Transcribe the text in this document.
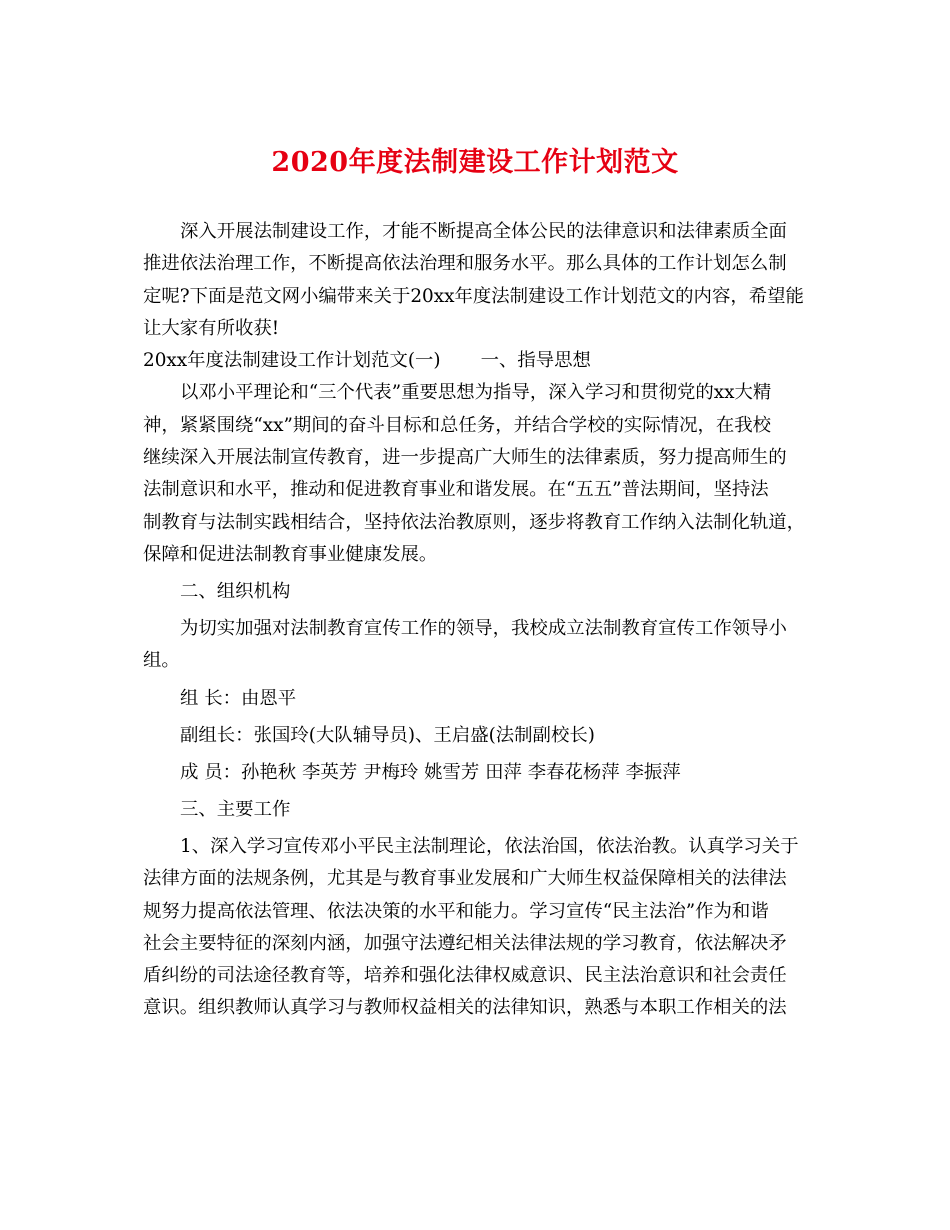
2020年度法制建设工作计划范文
深入开展法制建设工作，才能不断提高全体公民的法律意识和法律素质全面
推进依法治理工作，不断提高依法治理和服务水平。那么具体的工作计划怎么制
定呢?下面是范文网小编带来关于20xx年度法制建设工作计划范文的内容，希望能
让大家有所收获!
20xx年度法制建设工作计划范文(一) 一、指导思想
以邓小平理论和“三个代表”重要思想为指导，深入学习和贯彻党的xx大精
神，紧紧围绕“xx”期间的奋斗目标和总任务，并结合学校的实际情况，在我校
继续深入开展法制宣传教育，进一步提高广大师生的法律素质，努力提高师生的
法制意识和水平，推动和促进教育事业和谐发展。在“五五”普法期间，坚持法
制教育与法制实践相结合，坚持依法治教原则，逐步将教育工作纳入法制化轨道，
保障和促进法制教育事业健康发展。
二、组织机构
为切实加强对法制教育宣传工作的领导，我校成立法制教育宣传工作领导小
组。
组 长：由恩平
副组长：张国玲(大队辅导员)、王启盛(法制副校长)
成 员：孙艳秋 李英芳 尹梅玲 姚雪芳 田萍 李春花杨萍 李振萍
三、主要工作
1、深入学习宣传邓小平民主法制理论，依法治国，依法治教。认真学习关于
法律方面的法规条例，尤其是与教育事业发展和广大师生权益保障相关的法律法
规努力提高依法管理、依法决策的水平和能力。学习宣传“民主法治”作为和谐
社会主要特征的深刻内涵，加强守法遵纪相关法律法规的学习教育，依法解决矛
盾纠纷的司法途径教育等，培养和强化法律权威意识、民主法治意识和社会责任
意识。组织教师认真学习与教师权益相关的法律知识，熟悉与本职工作相关的法
